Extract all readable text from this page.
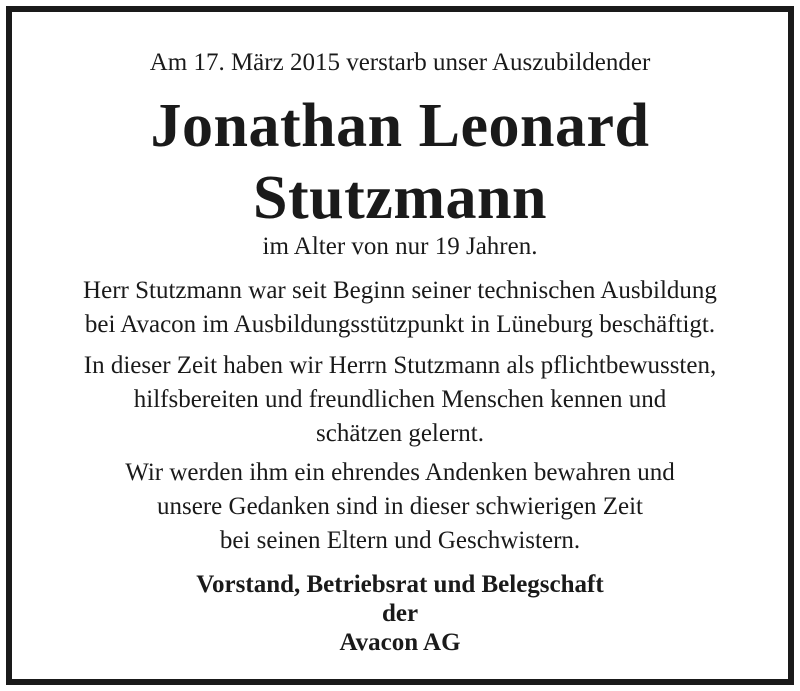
Am 17. März 2015 verstarb unser Auszubildender
Jonathan Leonard
Stutzmann
im Alter von nur 19 Jahren.
Herr Stutzmann war seit Beginn seiner technischen Ausbildung
bei Avacon im Ausbildungsstützpunkt in Lüneburg beschäftigt.
In dieser Zeit haben wir Herrn Stutzmann als pflichtbewussten,
hilfsbereiten und freundlichen Menschen kennen und
schätzen gelernt.
Wir werden ihm ein ehrendes Andenken bewahren und
unsere Gedanken sind in dieser schwierigen Zeit
bei seinen Eltern und Geschwistern.
Vorstand, Betriebsrat und Belegschaft
der
Avacon AG
